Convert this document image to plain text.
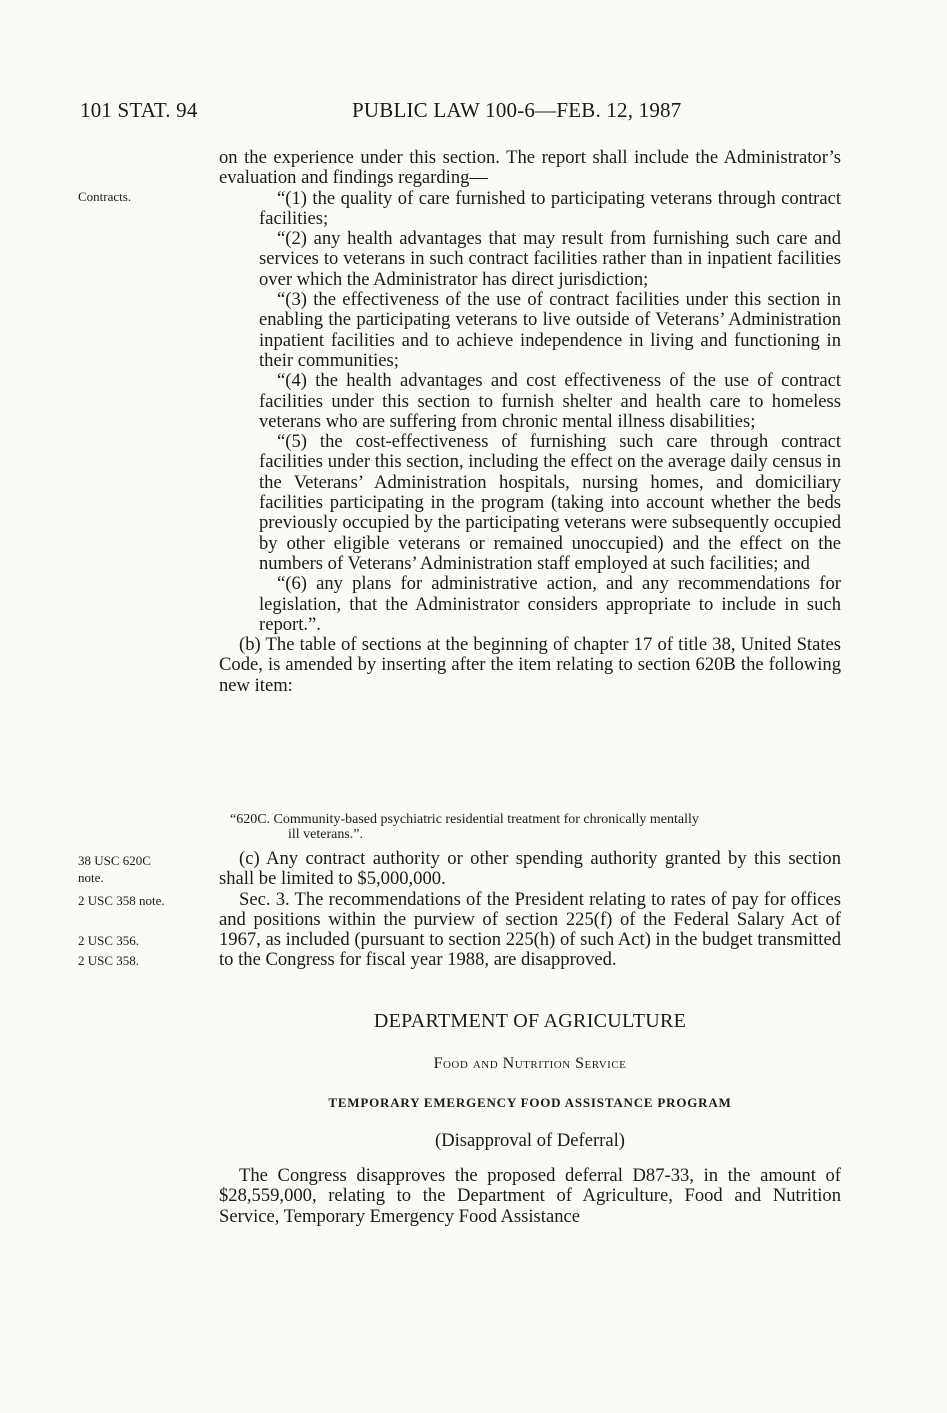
101 STAT. 94	PUBLIC LAW 100-6—FEB. 12, 1987
Contracts.
38 USC 620C
note.
2 USC 358 note.
2 USC 356.
2 USC 358.

on the experience under this section. The report shall include the Administrator’s evaluation and findings regarding—

“(1) the quality of care furnished to participating veterans through contract facilities;

“(2) any health advantages that may result from furnishing such care and services to veterans in such contract facilities rather than in inpatient facilities over which the Administrator has direct jurisdiction;

“(3) the effectiveness of the use of contract facilities under this section in enabling the participating veterans to live outside of Veterans’ Administration inpatient facilities and to achieve independence in living and functioning in their communities;

“(4) the health advantages and cost effectiveness of the use of contract facilities under this section to furnish shelter and health care to homeless veterans who are suffering from chronic mental illness disabilities;

“(5) the cost-effectiveness of furnishing such care through contract facilities under this section, including the effect on the average daily census in the Veterans’ Administration hospitals, nursing homes, and domiciliary facilities participating in the program (taking into account whether the beds previously occupied by the participating veterans were subsequently occupied by other eligible veterans or remained unoccupied) and the effect on the numbers of Veterans’ Administration staff employed at such facilities; and

“(6) any plans for administrative action, and any recommendations for legislation, that the Administrator considers appropriate to include in such report.”.

(b) The table of sections at the beginning of chapter 17 of title 38, United States Code, is amended by inserting after the item relating to section 620B the following new item:

“620C. Community-based psychiatric residential treatment for chronically mentally
ill veterans.”.

(c) Any contract authority or other spending authority granted by this section shall be limited to $5,000,000.

Sec. 3. The recommendations of the President relating to rates of pay for offices and positions within the purview of section 225(f) of the Federal Salary Act of 1967, as included (pursuant to section 225(h) of such Act) in the budget transmitted to the Congress for fiscal year 1988, are disapproved.

DEPARTMENT OF AGRICULTURE
Food and Nutrition Service
TEMPORARY EMERGENCY FOOD ASSISTANCE PROGRAM
(Disapproval of Deferral)

The Congress disapproves the proposed deferral D87-33, in the amount of $28,559,000, relating to the Department of Agriculture, Food and Nutrition Service, Temporary Emergency Food Assistance
